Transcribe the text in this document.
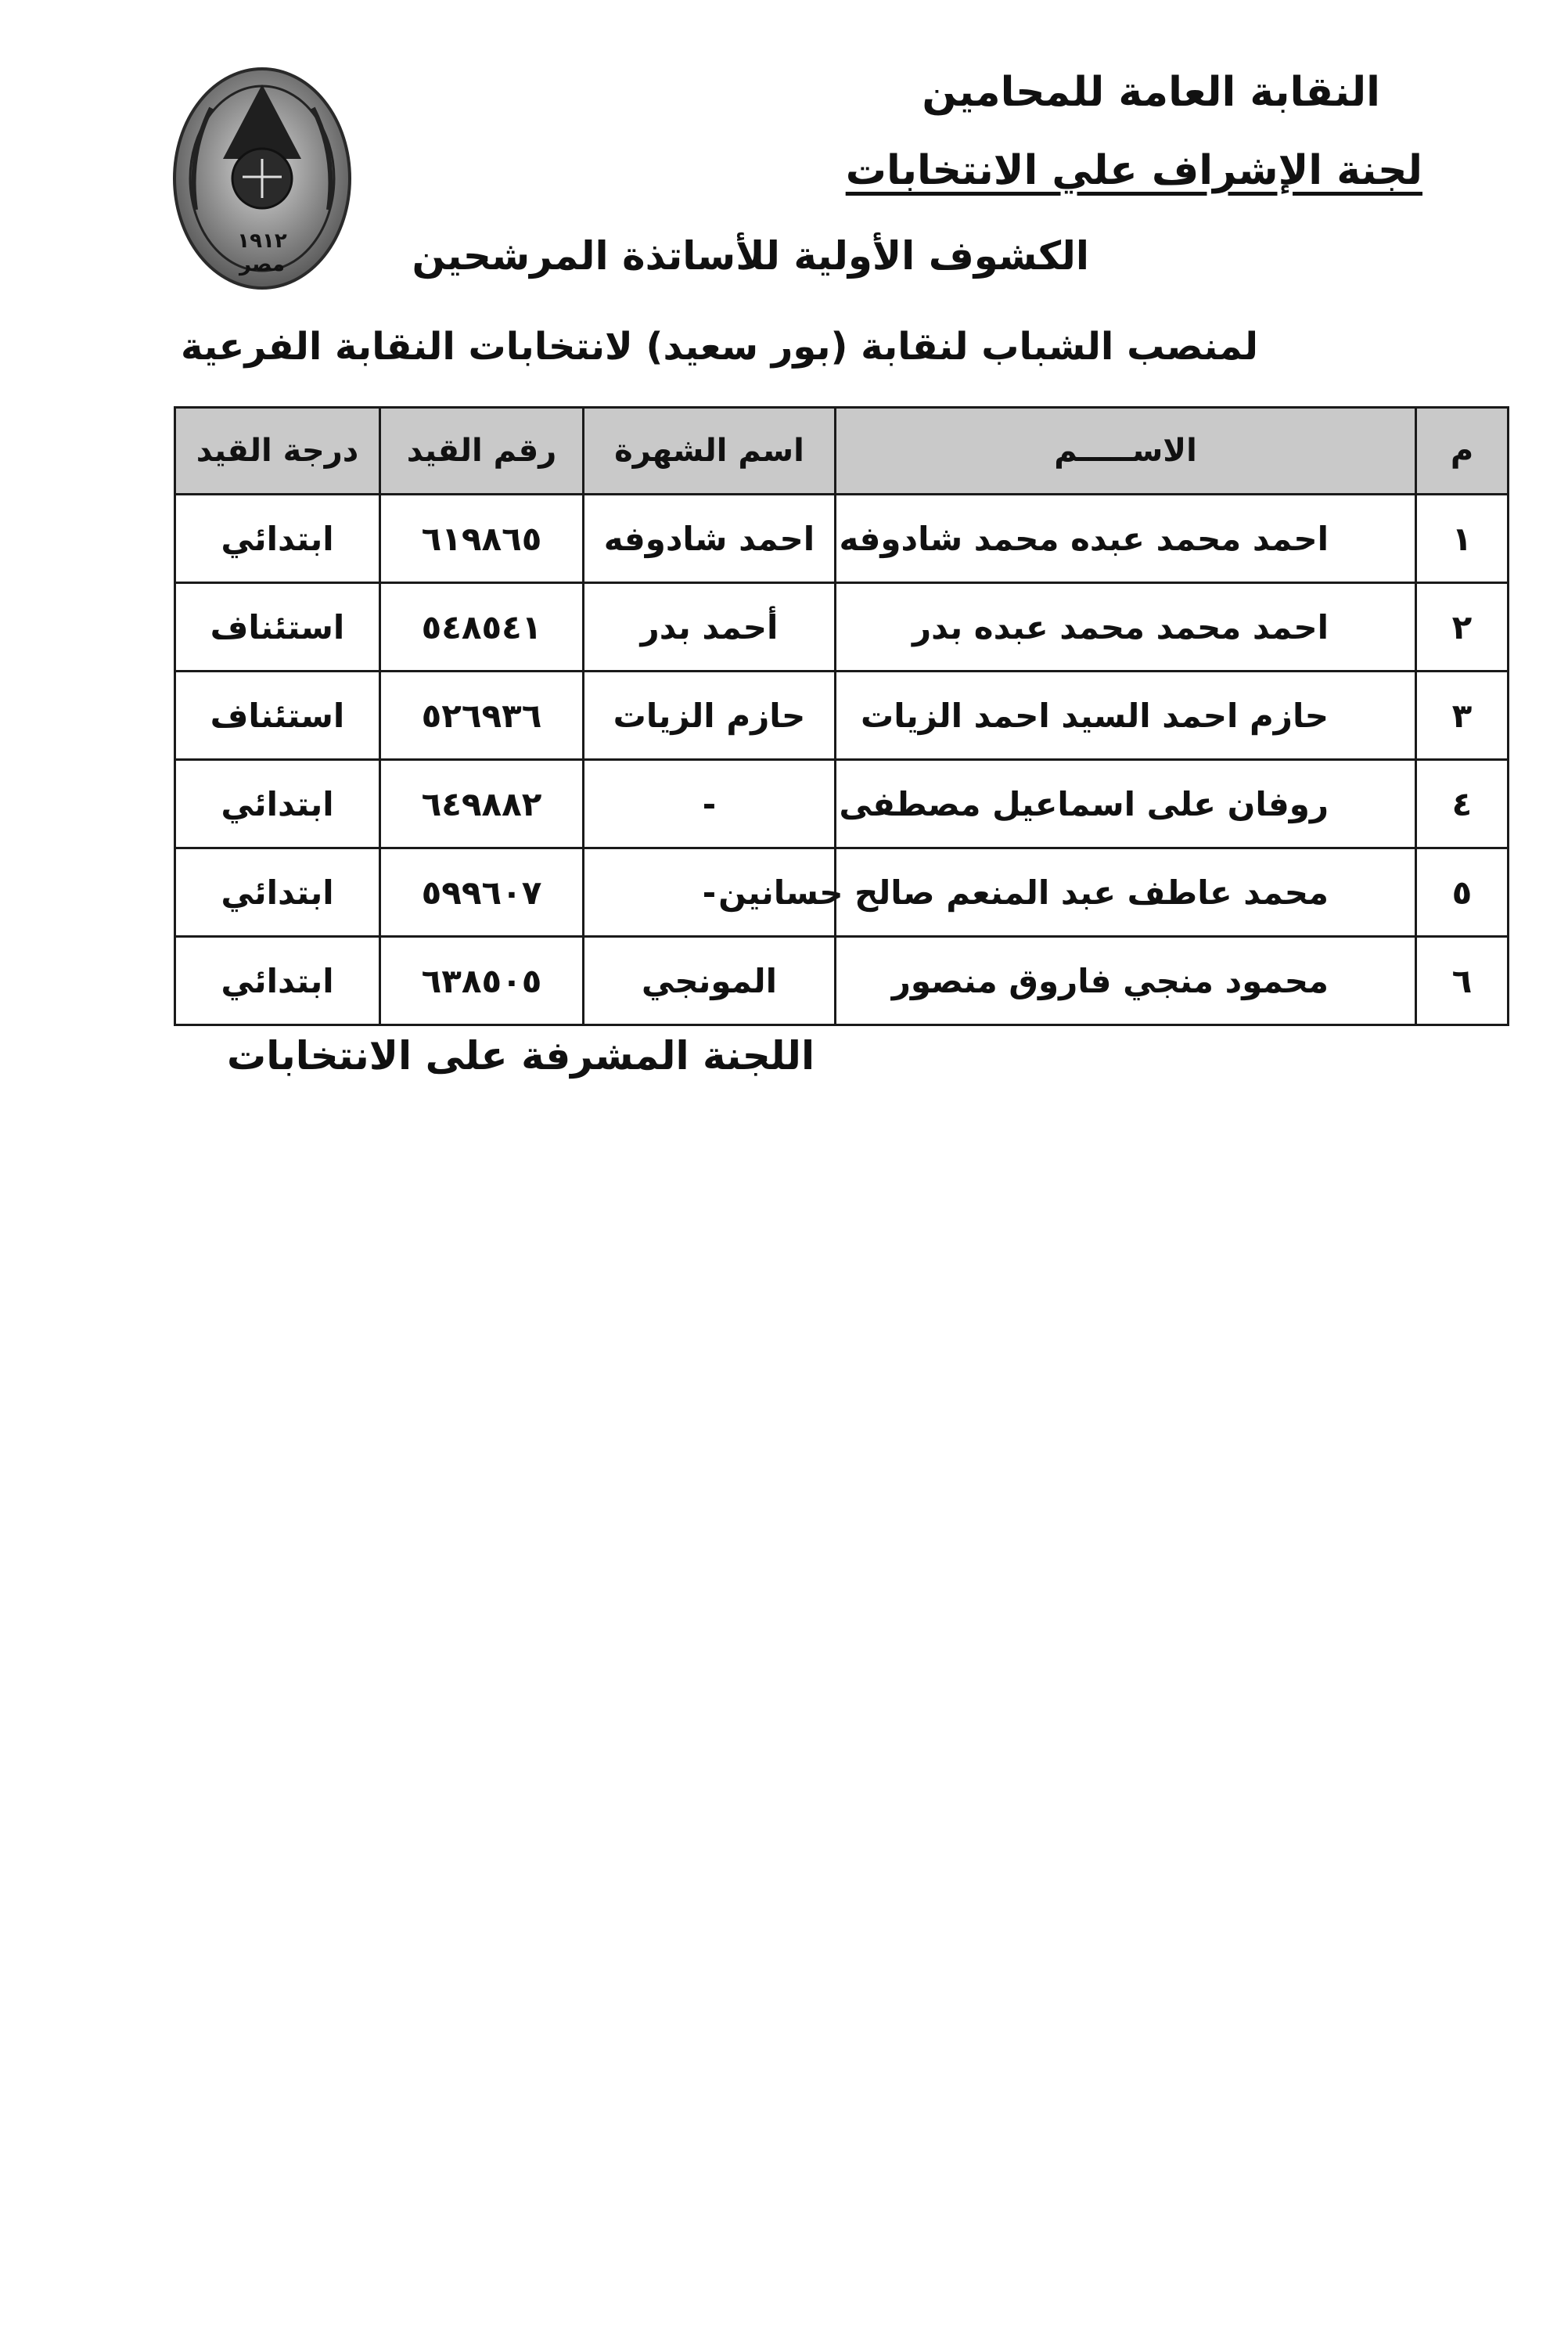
١٩١٢
مصر
النقابة العامة للمحامين
لجنة الإشراف علي الانتخابات
الكشوف الأولية للأساتذة المرشحين
لمنصب الشباب لنقابة (بور سعيد) لانتخابات النقابة الفرعية
م	الاســـــم	اسم الشهرة	رقم القيد	درجة القيد
١	احمد محمد عبده محمد شادوفه	احمد شادوفه	٦١٩٨٦٥	ابتدائي
٢	احمد محمد محمد عبده بدر	أحمد بدر	٥٤٨٥٤١	استئناف
٣	حازم احمد السيد احمد الزيات	حازم الزيات	٥٢٦٩٣٦	استئناف
٤	روفان على اسماعيل مصطفى	-	٦٤٩٨٨٢	ابتدائي
٥	محمد عاطف عبد المنعم صالح حسانين	-	٥٩٩٦٠٧	ابتدائي
٦	محمود منجي فاروق منصور	المونجي	٦٣٨٥٠٥	ابتدائي
اللجنة المشرفة على الانتخابات
